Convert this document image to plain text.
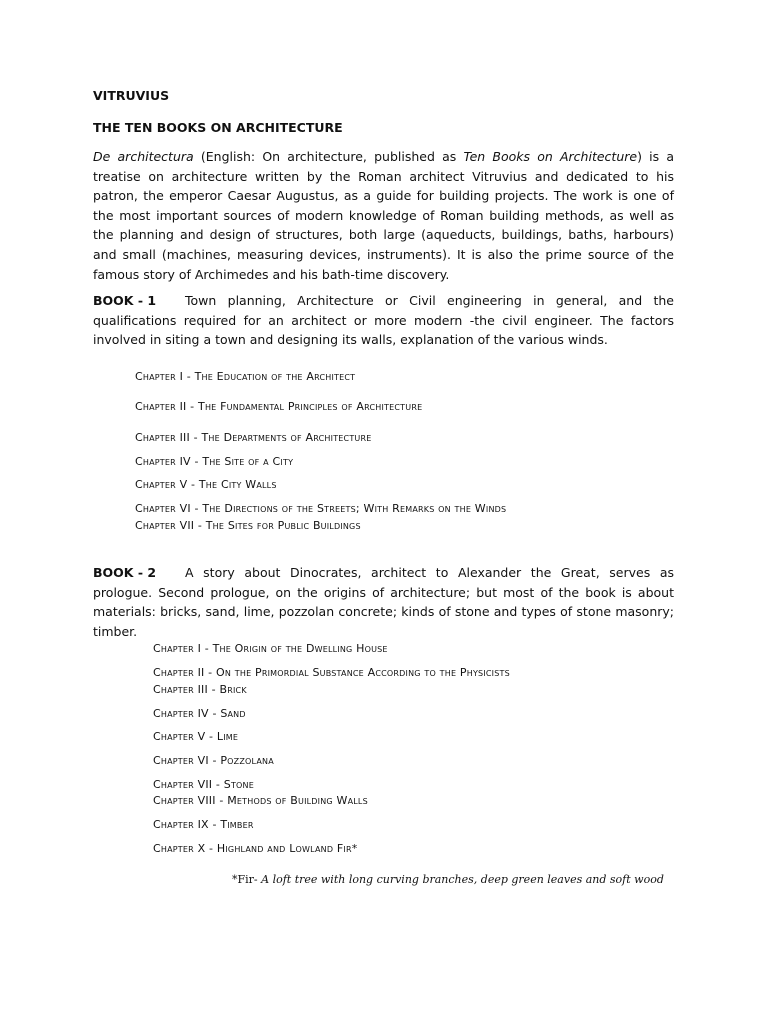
VITRUVIUS
THE TEN BOOKS ON ARCHITECTURE
De architectura (English: On architecture, published as Ten Books on Architecture) is a treatise on architecture written by the Roman architect Vitruvius and dedicated to his patron, the emperor Caesar Augustus, as a guide for building projects. The work is one of the most important sources of modern knowledge of Roman building methods, as well as the planning and design of structures, both large (aqueducts, buildings, baths, harbours) and small (machines, measuring devices, instruments). It is also the prime source of the famous story of Archimedes and his bath-time discovery.
BOOK - 1 Town planning, Architecture or Civil engineering in general, and the qualifications required for an architect or more modern -the civil engineer. The factors involved in siting a town and designing its walls, explanation of the various winds.
Chapter I - The Education of the Architect
Chapter II - The Fundamental Principles of Architecture
Chapter III - The Departments of Architecture
Chapter IV - The Site of a City
Chapter V - The City Walls
Chapter VI - The Directions of the Streets; With Remarks on the Winds
Chapter VII - The Sites for Public Buildings
BOOK - 2 A story about Dinocrates, architect to Alexander the Great, serves as prologue. Second prologue, on the origins of architecture; but most of the book is about materials: bricks, sand, lime, pozzolan concrete; kinds of stone and types of stone masonry; timber.
Chapter I - The Origin of the Dwelling House
Chapter II - On the Primordial Substance According to the Physicists
Chapter III - Brick
Chapter IV - Sand
Chapter V - Lime
Chapter VI - Pozzolana
Chapter VII - Stone
Chapter VIII - Methods of Building Walls
Chapter IX - Timber
Chapter X - Highland and Lowland Fir*
*Fir- A loft tree with long curving branches, deep green leaves and soft wood
